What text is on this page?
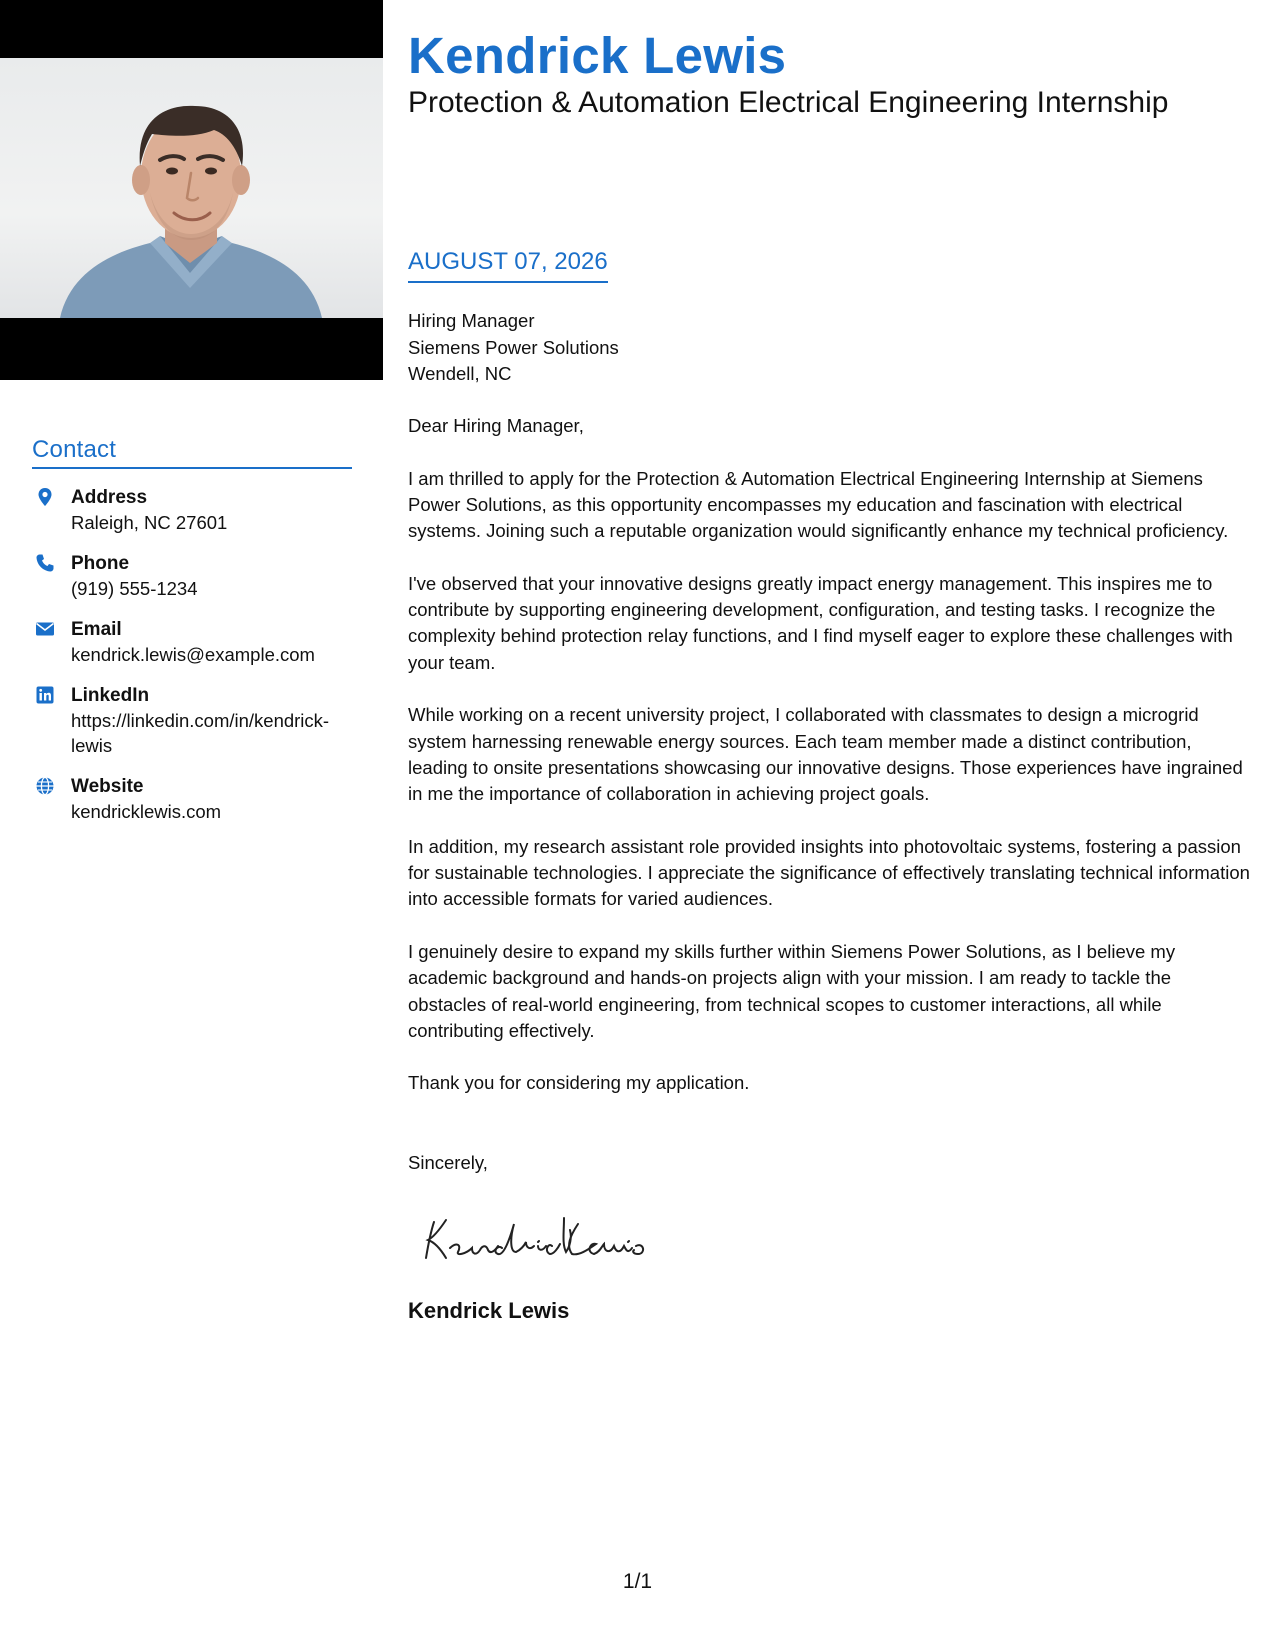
Contact
Address
Raleigh, NC 27601
Phone
(919) 555-1234
Email
kendrick.lewis@example.com
LinkedIn
https://linkedin.com/in/kendrick-lewis
Website
kendricklewis.com
Kendrick Lewis
Protection & Automation Electrical Engineering Internship
AUGUST 07, 2026
Hiring Manager
Siemens Power Solutions
Wendell, NC

Dear Hiring Manager,

I am thrilled to apply for the Protection & Automation Electrical Engineering Internship at Siemens Power Solutions, as this opportunity encompasses my education and fascination with electrical systems. Joining such a reputable organization would significantly enhance my technical proficiency.

I've observed that your innovative designs greatly impact energy management. This inspires me to contribute by supporting engineering development, configuration, and testing tasks. I recognize the complexity behind protection relay functions, and I find myself eager to explore these challenges with your team.

While working on a recent university project, I collaborated with classmates to design a microgrid system harnessing renewable energy sources. Each team member made a distinct contribution, leading to onsite presentations showcasing our innovative designs. Those experiences have ingrained in me the importance of collaboration in achieving project goals.

In addition, my research assistant role provided insights into photovoltaic systems, fostering a passion for sustainable technologies. I appreciate the significance of effectively translating technical information into accessible formats for varied audiences.

I genuinely desire to expand my skills further within Siemens Power Solutions, as I believe my academic background and hands-on projects align with your mission. I am ready to tackle the obstacles of real-world engineering, from technical scopes to customer interactions, all while contributing effectively.

Thank you for considering my application.

Sincerely,
Kendrick Lewis
1/1
